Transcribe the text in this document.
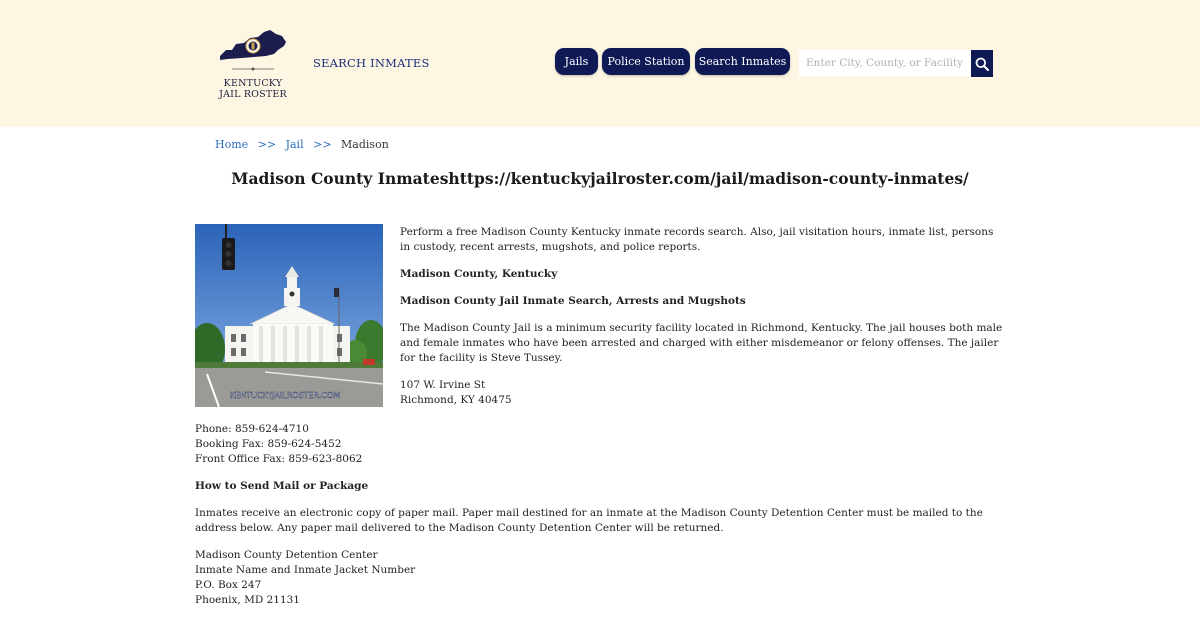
KENTUCKY
JAIL ROSTER
SEARCH INMATES	Jails	Police Station	Search Inmates
Enter City, County, or Facility
Home >> Jail >> Madison
Madison County Inmateshttps://kentuckyjailroster.com/jail/madison-county-inmates/
KENTUCKYJAILROSTER.COM

Perform a free Madison County Kentucky inmate records search. Also, jail visitation hours, inmate list, persons in custody, recent arrests, mugshots, and police reports.

Madison County, Kentucky

Madison County Jail Inmate Search, Arrests and Mugshots

The Madison County Jail is a minimum security facility located in Richmond, Kentucky. The jail houses both male and female inmates who have been arrested and charged with either misdemeanor or felony offenses. The jailer for the facility is Steve Tussey.

107 W. Irvine St
Richmond, KY 40475

Phone: 859-624-4710
Booking Fax: 859-624-5452
Front Office Fax: 859-623-8062

How to Send Mail or Package

Inmates receive an electronic copy of paper mail. Paper mail destined for an inmate at the Madison County Detention Center must be mailed to the address below. Any paper mail delivered to the Madison County Detention Center will be returned.

Madison County Detention Center
Inmate Name and Inmate Jacket Number
P.O. Box 247
Phoenix, MD 21131
